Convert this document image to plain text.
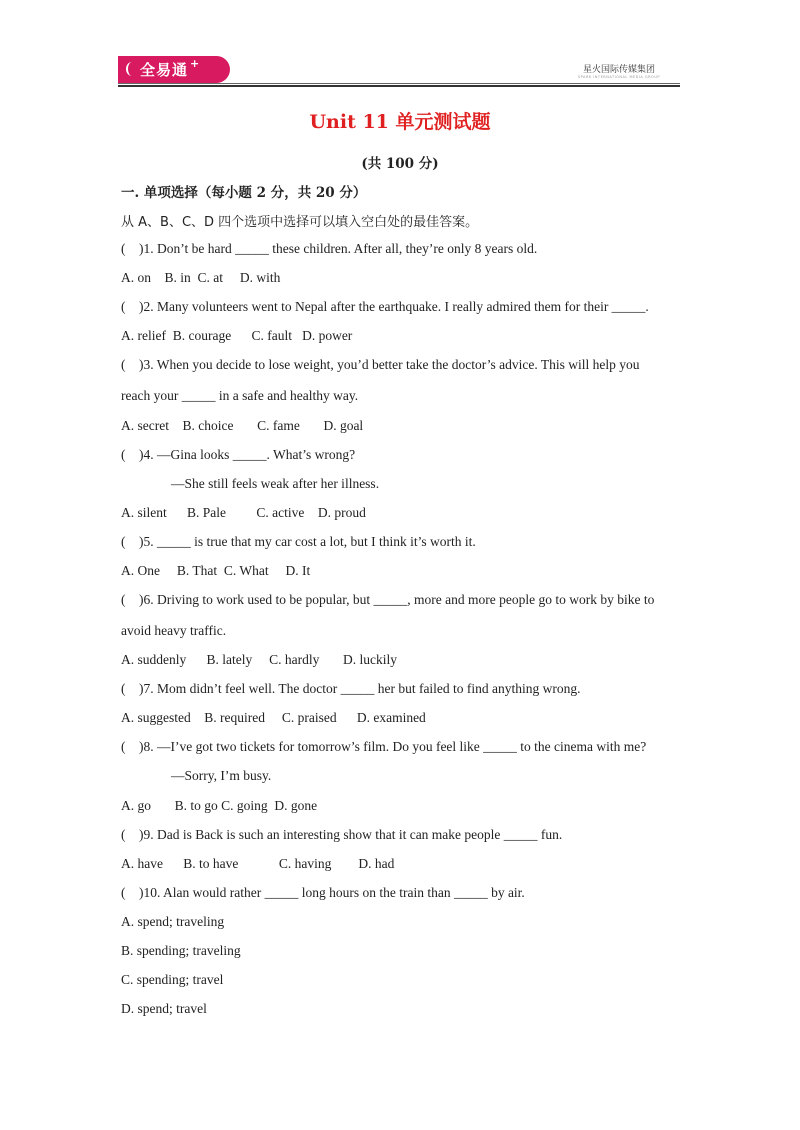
全易通 +	星火国际传媒集团
SPARK INTERNATIONAL MEDIA GROUP
Unit 11 单元测试题
(共 100 分)
一. 单项选择（每小题 2 分，共 20 分）
从 A、B、C、D 四个选项中选择可以填入空白处的最佳答案。
(    )1. Don’t be hard _____ these children. After all, they’re only 8 years old.
A. on    B. in  C. at     D. with
(    )2. Many volunteers went to Nepal after the earthquake. I really admired them for their _____.
A. relief  B. courage      C. fault   D. power
(    )3. When you decide to lose weight, you’d better take the doctor’s advice. This will help you
reach your _____ in a safe and healthy way.
A. secret    B. choice       C. fame       D. goal
(    )4. —Gina looks _____. What’s wrong?
—She still feels weak after her illness.
A. silent      B. Pale         C. active    D. proud
(    )5. _____ is true that my car cost a lot, but I think it’s worth it.
A. One     B. That  C. What     D. It
(    )6. Driving to work used to be popular, but _____, more and more people go to work by bike to
avoid heavy traffic.
A. suddenly      B. lately     C. hardly       D. luckily
(    )7. Mom didn’t feel well. The doctor _____ her but failed to find anything wrong.
A. suggested    B. required     C. praised      D. examined
(    )8. —I’ve got two tickets for tomorrow’s film. Do you feel like _____ to the cinema with me?
—Sorry, I’m busy.
A. go       B. to go C. going  D. gone
(    )9. Dad is Back is such an interesting show that it can make people _____ fun.
A. have      B. to have            C. having        D. had
(    )10. Alan would rather _____ long hours on the train than _____ by air.
A. spend; traveling
B. spending; traveling
C. spending; travel
D. spend; travel
